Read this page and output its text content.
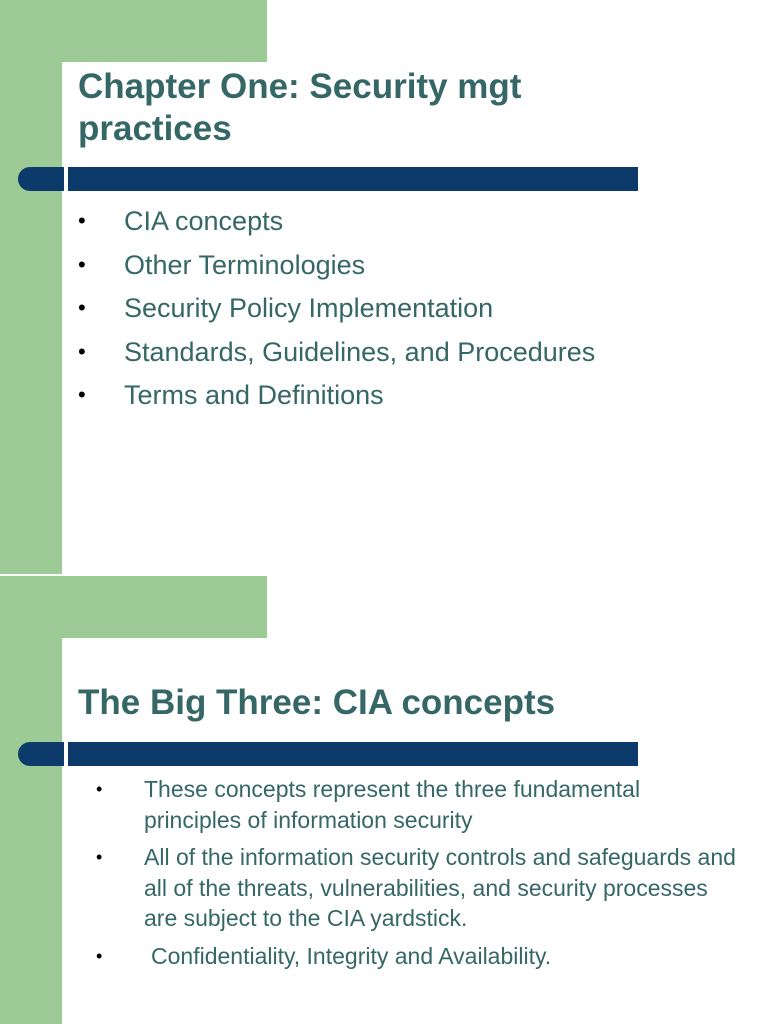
Chapter One: Security mgt practices
• CIA concepts
• Other Terminologies
• Security Policy Implementation
• Standards, Guidelines, and Procedures
• Terms and Definitions
The Big Three: CIA concepts
• These concepts represent the three fundamental principles of information security
• All of the information security controls and safeguards and all of the threats, vulnerabilities, and security processes are subject to the CIA yardstick.
• Confidentiality, Integrity and Availability.
